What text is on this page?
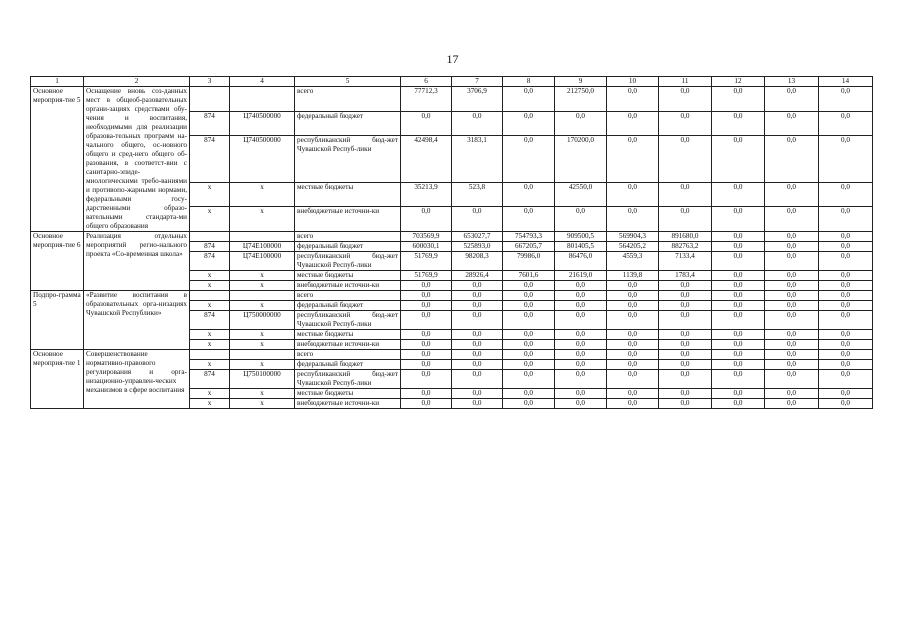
17
1	2	3	4	5	6	7	8	9	10	11	12	13	14
Основное мероприя-тие 5	Оснащение вновь соз-данных мест в общеоб-разовательных органи-зациях средствами обу-чения и воспитания, необходимыми для реализации образова-тельных программ на-чального общего, ос-новного общего и сред-него общего об-разования, в соответст-вии с санитарно-эпиде-миологическими требо-ваниями и противопо-жарными нормами, федеральными госу-дарственными образо-вательными стандарта-ми общего образования			всего	77712,3	3706,9	0,0	212750,0	0,0	0,0	0,0	0,0	0,0
		874	Ц740500000	федеральный бюджет	0,0	0,0	0,0	0,0	0,0	0,0	0,0	0,0	0,0
		874	Ц740500000	республиканский бюд-жет Чувашской Респуб-лики	42498,4	3183,1	0,0	170200,0	0,0	0,0	0,0	0,0	0,0
		х	х	местные бюджеты	35213,9	523,8	0,0	42550,0	0,0	0,0	0,0	0,0	0,0
		х	х	внебюджетные источни-ки	0,0	0,0	0,0	0,0	0,0	0,0	0,0	0,0	0,0
Основное мероприя-тие 6	Реализация отдельных мероприятий регио-нального проекта «Со-временная школа»			всего	703569,9	653027,7	754793,3	909500,5	569904,3	891680,0	0,0	0,0	0,0
		874	Ц74Е100000	федеральный бюджет	600030,1	525893,0	667205,7	801405,5	564205,2	882763,2	0,0	0,0	0,0
		874	Ц74Е100000	республиканский бюд-жет Чувашской Респуб-лики	51769,9	98208,3	79986,0	86476,0	4559,3	7133,4	0,0	0,0	0,0
		х	х	местные бюджеты	51769,9	28926,4	7601,6	21619,0	1139,8	1783,4	0,0	0,0	0,0
		х	х	внебюджетные источни-ки	0,0	0,0	0,0	0,0	0,0	0,0	0,0	0,0	0,0
Подпро-грамма 5	«Развитие воспитания в образовательных орга-низациях Чувашской Республики»			всего	0,0	0,0	0,0	0,0	0,0	0,0	0,0	0,0	0,0
		х	х	федеральный бюджет	0,0	0,0	0,0	0,0	0,0	0,0	0,0	0,0	0,0
		874	Ц750000000	республиканский бюд-жет Чувашской Респуб-лики	0,0	0,0	0,0	0,0	0,0	0,0	0,0	0,0	0,0
		х	х	местные бюджеты	0,0	0,0	0,0	0,0	0,0	0,0	0,0	0,0	0,0
		х	х	внебюджетные источни-ки	0,0	0,0	0,0	0,0	0,0	0,0	0,0	0,0	0,0
Основное мероприя-тие 1	Совершенствование нормативно-правового регулирования и орга-низационно-управлен-ческих механизмов в сфере воспитания			всего	0,0	0,0	0,0	0,0	0,0	0,0	0,0	0,0	0,0
		х	х	федеральный бюджет	0,0	0,0	0,0	0,0	0,0	0,0	0,0	0,0	0,0
		874	Ц750100000	республиканский бюд-жет Чувашской Респуб-лики	0,0	0,0	0,0	0,0	0,0	0,0	0,0	0,0	0,0
		х	х	местные бюджеты	0,0	0,0	0,0	0,0	0,0	0,0	0,0	0,0	0,0
		х	х	внебюджетные источни-ки	0,0	0,0	0,0	0,0	0,0	0,0	0,0	0,0	0,0
